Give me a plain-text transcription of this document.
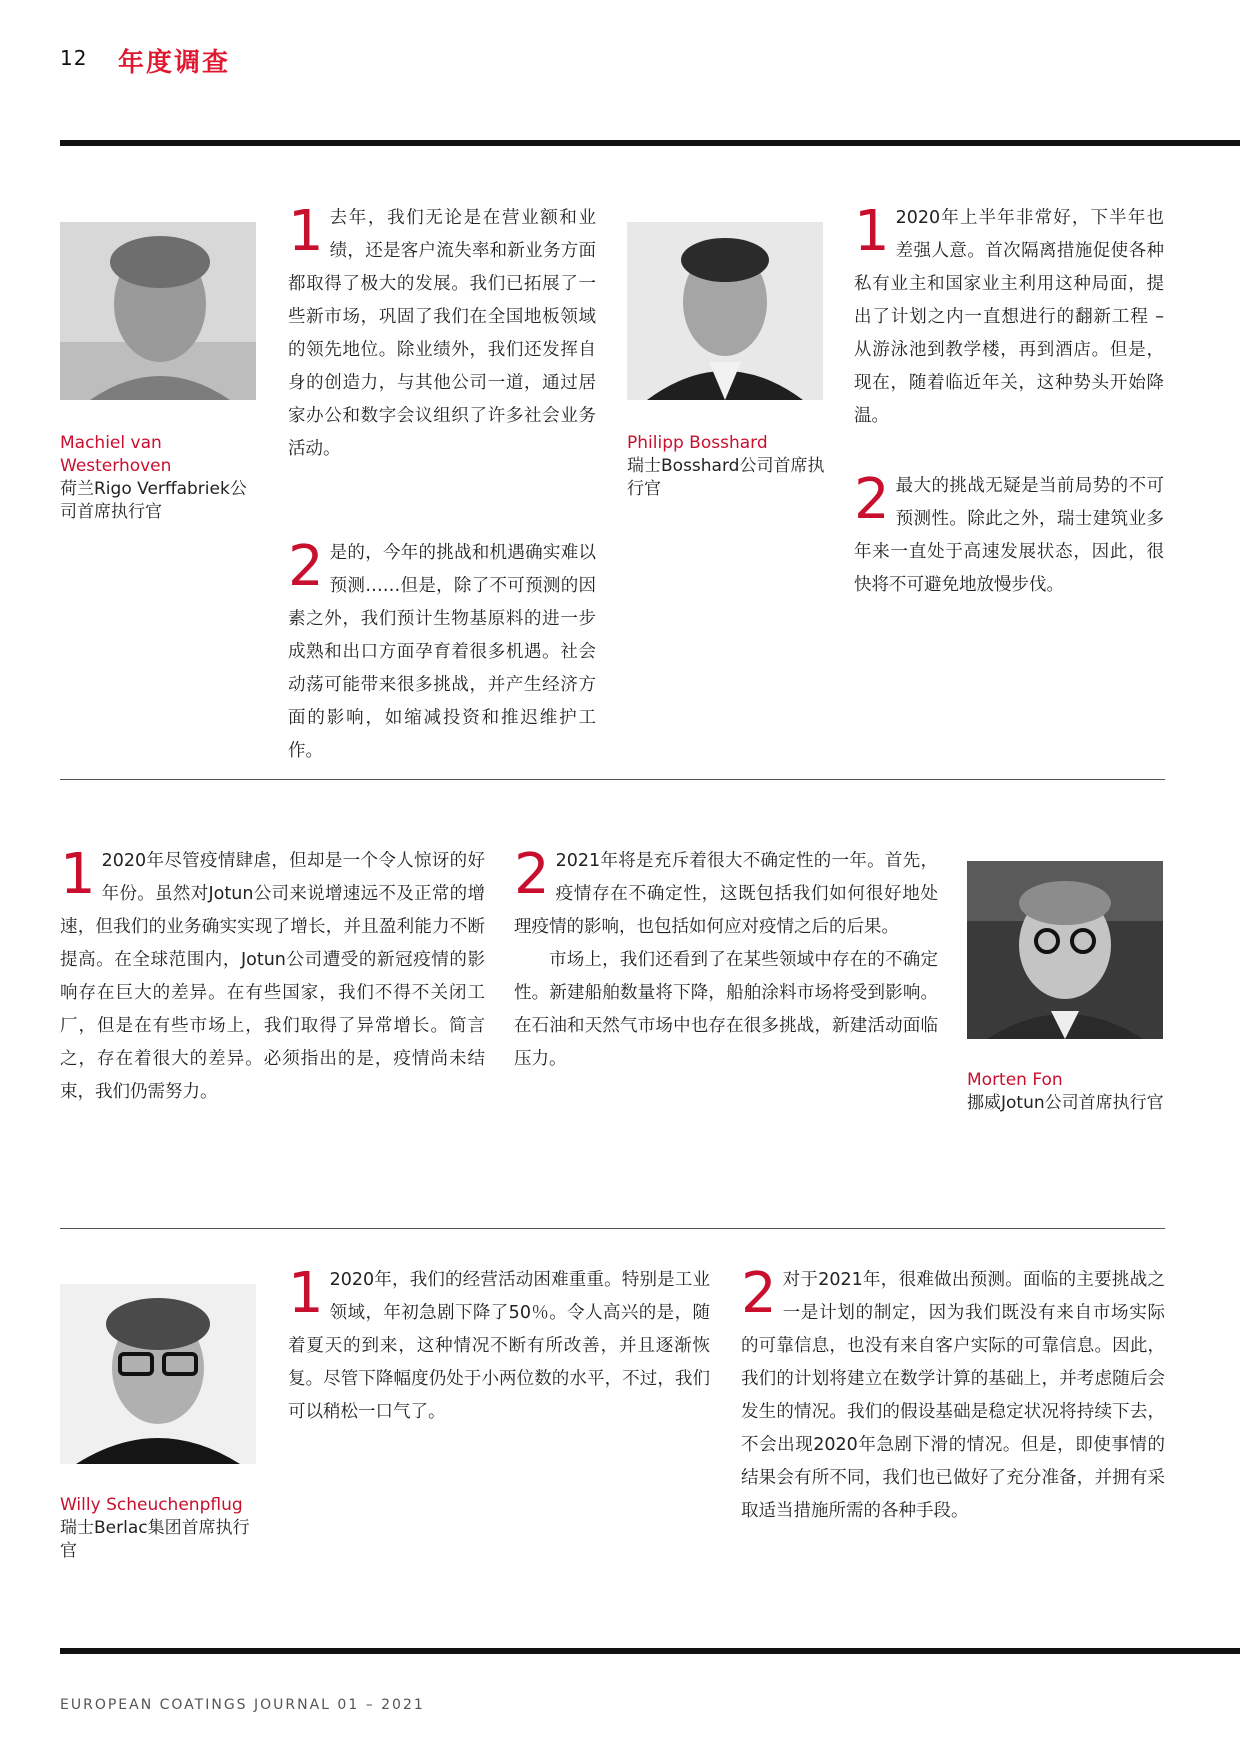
12 年度调查
Machiel van Westerhoven
荷兰Rigo Verffabriek公司首席执行官

1 去年，我们无论是在营业额和业绩，还是客户流失率和新业务方面都取得了极大的发展。我们已拓展了一些新市场，巩固了我们在全国地板领域的领先地位。除业绩外，我们还发挥自身的创造力，与其他公司一道，通过居家办公和数字会议组织了许多社会业务活动。

2 是的，今年的挑战和机遇确实难以预测……但是，除了不可预测的因素之外，我们预计生物基原料的进一步成熟和出口方面孕育着很多机遇。社会动荡可能带来很多挑战，并产生经济方面的影响，如缩减投资和推迟维护工作。

Philipp Bosshard
瑞士Bosshard公司首席执行官

1 2020年上半年非常好，下半年也差强人意。首次隔离措施促使各种私有业主和国家业主利用这种局面，提出了计划之内一直想进行的翻新工程 – 从游泳池到教学楼，再到酒店。但是，现在，随着临近年关，这种势头开始降温。

2 最大的挑战无疑是当前局势的不可预测性。除此之外，瑞士建筑业多年来一直处于高速发展状态，因此，很快将不可避免地放慢步伐。

1 2020年尽管疫情肆虐，但却是一个令人惊讶的好年份。虽然对Jotun公司来说增速远不及正常的增速，但我们的业务确实实现了增长，并且盈利能力不断提高。在全球范围内，Jotun公司遭受的新冠疫情的影响存在巨大的差异。在有些国家，我们不得不关闭工厂，但是在有些市场上，我们取得了异常增长。简言之，存在着很大的差异。必须指出的是，疫情尚未结束，我们仍需努力。

2 2021年将是充斥着很大不确定性的一年。首先，疫情存在不确定性，这既包括我们如何很好地处理疫情的影响，也包括如何应对疫情之后的后果。

市场上，我们还看到了在某些领域中存在的不确定性。新建船舶数量将下降，船舶涂料市场将受到影响。在石油和天然气市场中也存在很多挑战，新建活动面临压力。

Morten Fon
挪威Jotun公司首席执行官
Willy Scheuchenpflug
瑞士Berlac集团首席执行官

1 2020年，我们的经营活动困难重重。特别是工业领域，年初急剧下降了50％。令人高兴的是，随着夏天的到来，这种情况不断有所改善，并且逐渐恢复。尽管下降幅度仍处于小两位数的水平，不过，我们可以稍松一口气了。

2 对于2021年，很难做出预测。面临的主要挑战之一是计划的制定，因为我们既没有来自市场实际的可靠信息，也没有来自客户实际的可靠信息。因此，我们的计划将建立在数学计算的基础上，并考虑随后会发生的情况。我们的假设基础是稳定状况将持续下去，不会出现2020年急剧下滑的情况。但是，即使事情的结果会有所不同，我们也已做好了充分准备，并拥有采取适当措施所需的各种手段。

EUROPEAN COATINGS JOURNAL 01 – 2021
